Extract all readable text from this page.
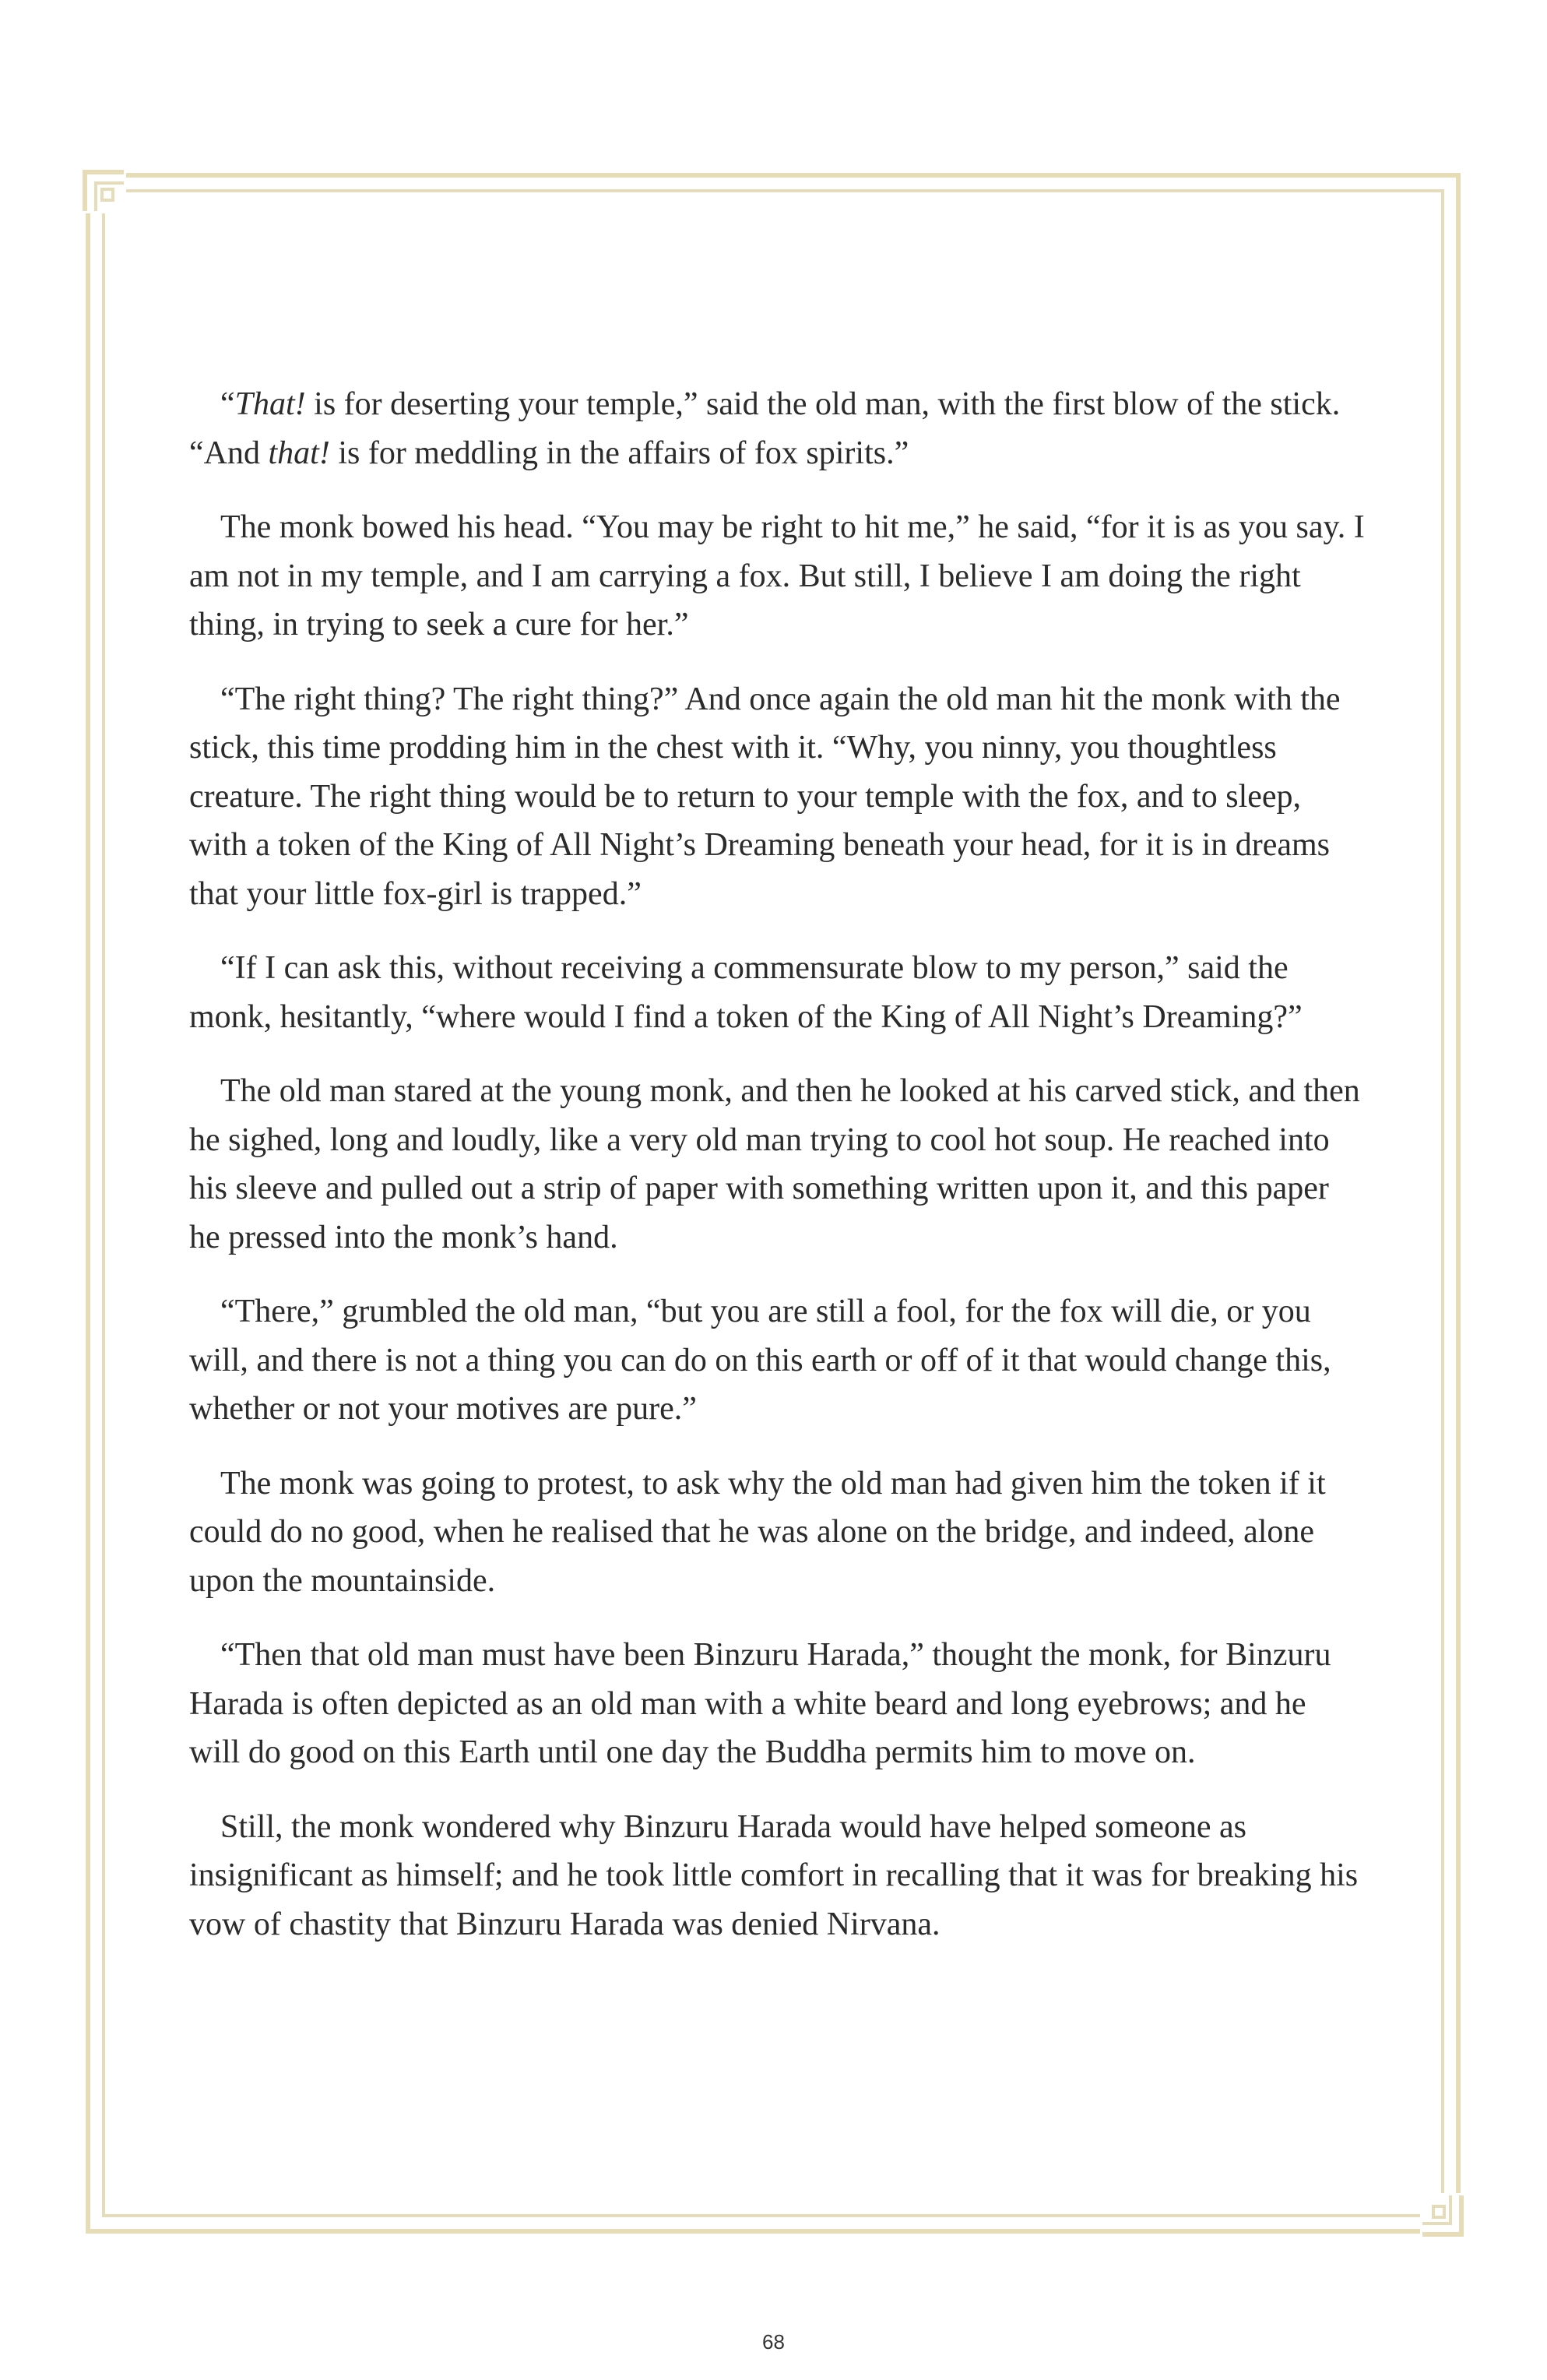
“That! is for deserting your temple,” said the old man, with the first blow of the stick. “And that! is for meddling in the affairs of fox spirits.”

The monk bowed his head. “You may be right to hit me,” he said, “for it is as you say. I am not in my temple, and I am carrying a fox. But still, I believe I am doing the right thing, in trying to seek a cure for her.”

“The right thing? The right thing?” And once again the old man hit the monk with the stick, this time prodding him in the chest with it. “Why, you ninny, you thoughtless creature. The right thing would be to return to your temple with the fox, and to sleep, with a token of the King of All Night’s Dreaming beneath your head, for it is in dreams that your little fox-girl is trapped.”

“If I can ask this, without receiving a commensurate blow to my person,” said the monk, hesitantly, “where would I find a token of the King of All Night’s Dreaming?”

The old man stared at the young monk, and then he looked at his carved stick, and then he sighed, long and loudly, like a very old man trying to cool hot soup. He reached into his sleeve and pulled out a strip of paper with something written upon it, and this paper he pressed into the monk’s hand.

“There,” grumbled the old man, “but you are still a fool, for the fox will die, or you will, and there is not a thing you can do on this earth or off of it that would change this, whether or not your motives are pure.”

The monk was going to protest, to ask why the old man had given him the token if it could do no good, when he realised that he was alone on the bridge, and indeed, alone upon the mountainside.

“Then that old man must have been Binzuru Harada,” thought the monk, for Binzuru Harada is often depicted as an old man with a white beard and long eyebrows; and he will do good on this Earth until one day the Buddha permits him to move on.

Still, the monk wondered why Binzuru Harada would have helped someone as insignificant as himself; and he took little comfort in recalling that it was for breaking his vow of chastity that Binzuru Harada was denied Nirvana.

68
